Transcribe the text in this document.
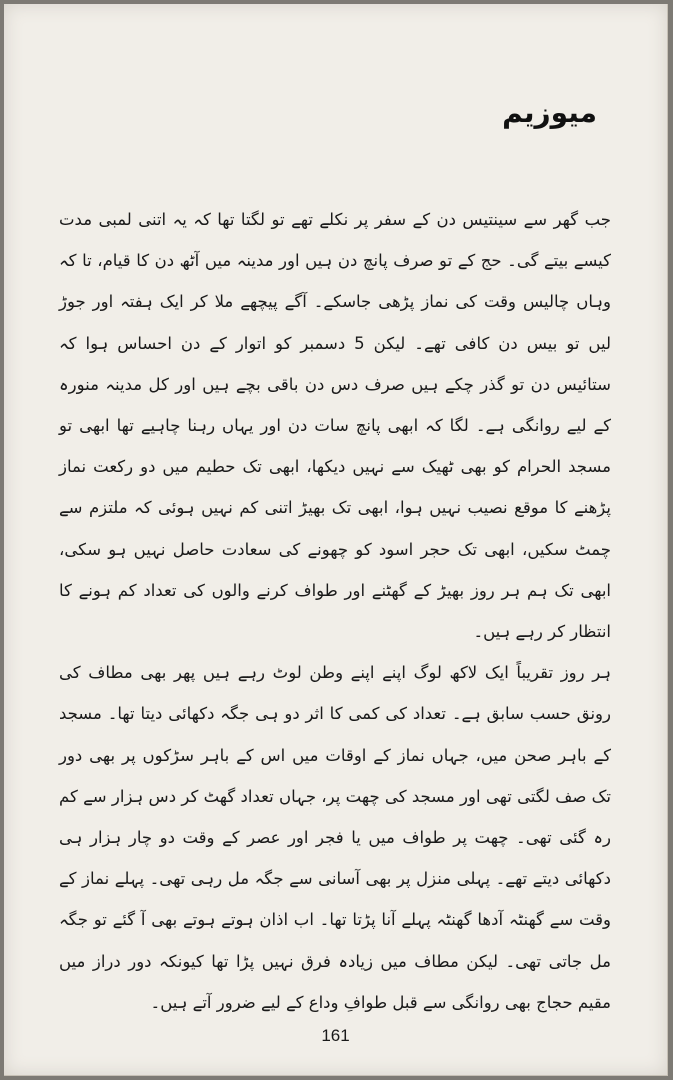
میوزیم

جب گھر سے سینتیس دن کے سفر پر نکلے تھے تو لگتا تھا کہ یہ اتنی لمبی مدت کیسے بیتے گی۔ حج کے تو صرف پانچ دن ہیں اور مدینہ میں آٹھ دن کا قیام، تا کہ وہاں چالیس وقت کی نماز پڑھی جاسکے۔ آگے پیچھے ملا کر ایک ہفتہ اور جوڑ لیں تو بیس دن کافی تھے۔ لیکن 5 دسمبر کو اتوار کے دن احساس ہوا کہ ستائیس دن تو گذر چکے ہیں صرف دس دن باقی بچے ہیں اور کل مدینہ منورہ کے لیے روانگی ہے۔ لگا کہ ابھی پانچ سات دن اور یہاں رہنا چاہیے تھا ابھی تو مسجد الحرام کو بھی ٹھیک سے نہیں دیکھا، ابھی تک حطیم میں دو رکعت نماز پڑھنے کا موقع نصیب نہیں ہوا، ابھی تک بھیڑ اتنی کم نہیں ہوئی کہ ملتزم سے چمٹ سکیں، ابھی تک حجر اسود کو چھونے کی سعادت حاصل نہیں ہو سکی، ابھی تک ہم ہر روز بھیڑ کے گھٹنے اور طواف کرنے والوں کی تعداد کم ہونے کا انتظار کر رہے ہیں۔

ہر روز تقریباً ایک لاکھ لوگ اپنے اپنے وطن لوٹ رہے ہیں پھر بھی مطاف کی رونق حسب سابق ہے۔ تعداد کی کمی کا اثر دو ہی جگہ دکھائی دیتا تھا۔ مسجد کے باہر صحن میں، جہاں نماز کے اوقات میں اس کے باہر سڑکوں پر بھی دور تک صف لگتی تھی اور مسجد کی چھت پر، جہاں تعداد گھٹ کر دس ہزار سے کم رہ گئی تھی۔ چھت پر طواف میں یا فجر اور عصر کے وقت دو چار ہزار ہی دکھائی دیتے تھے۔ پہلی منزل پر بھی آسانی سے جگہ مل رہی تھی۔ پہلے نماز کے وقت سے گھنٹہ آدھا گھنٹہ پہلے آنا پڑتا تھا۔ اب اذان ہوتے ہوتے بھی آ گئے تو جگہ مل جاتی تھی۔ لیکن مطاف میں زیادہ فرق نہیں پڑا تھا کیونکہ دور دراز میں مقیم حجاج بھی روانگی سے قبل طوافِ وداع کے لیے ضرور آتے ہیں۔

161
